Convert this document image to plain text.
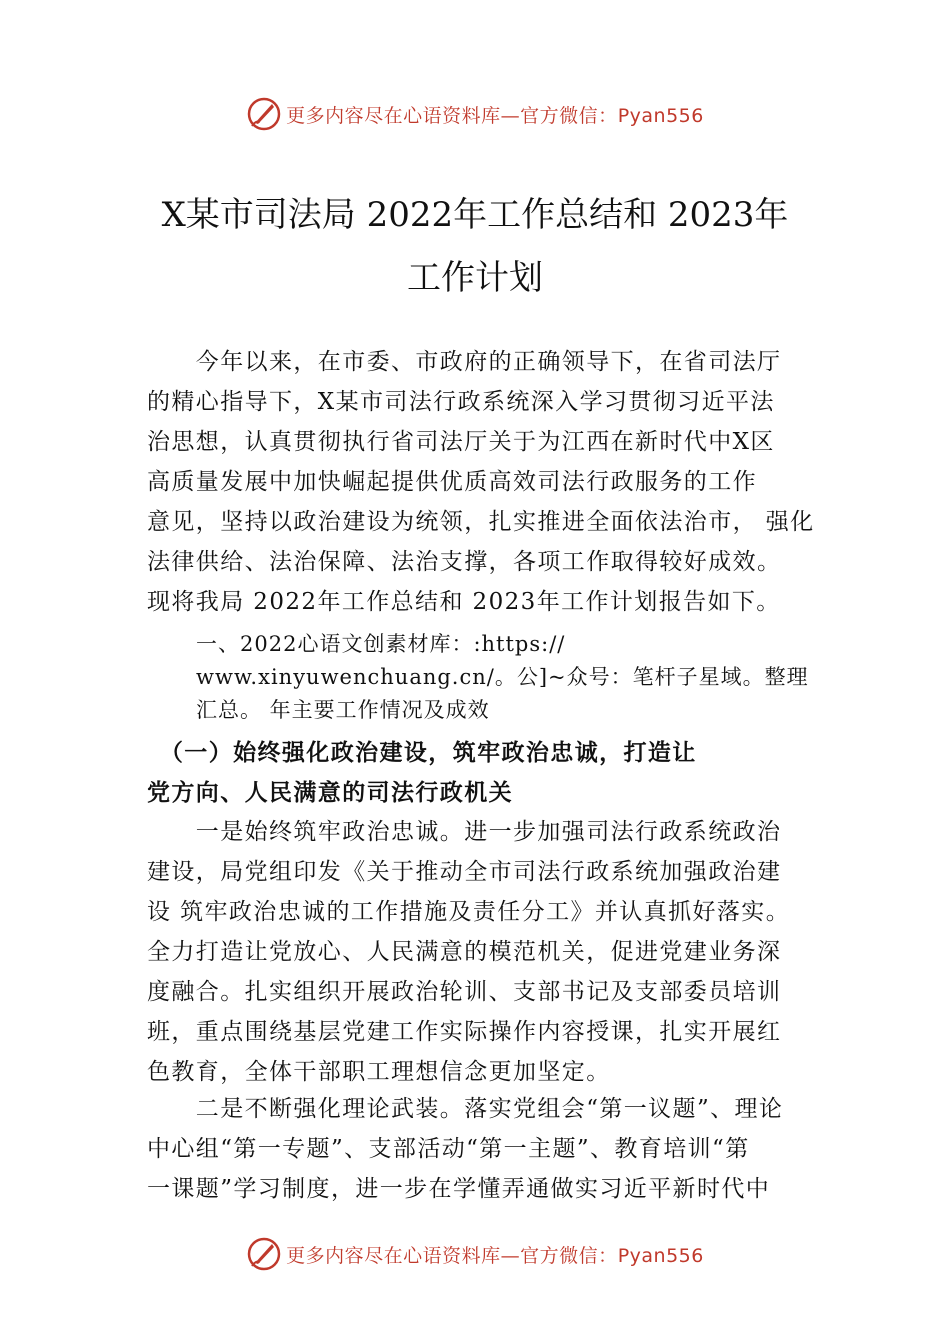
更多内容尽在心语资料库—官方微信：Pyan556
X某市司法局 2022年工作总结和 2023年
工作计划

　　今年以来，在市委、市政府的正确领导下，在省司法厅
的精心指导下，X某市司法行政系统深入学习贯彻习近平法
治思想，认真贯彻执行省司法厅关于为江西在新时代中X区
高质量发展中加快崛起提供优质高效司法行政服务的工作
意见，坚持以政治建设为统领，扎实推进全面依法治市， 强化
法律供给、法治保障、法治支撑，各项工作取得较好成效。
现将我局 2022年工作总结和 2023年工作计划报告如下。

一、2022心语文创素材库：:https://
www.xinyuwenchuang.cn/。公]~众号：笔杆子星域。整理
汇总。 年主要工作情况及成效

　（一）始终强化政治建设，筑牢政治忠诚，打造让
党方向、人民满意的司法行政机关

　　一是始终筑牢政治忠诚。进一步加强司法行政系统政治
建设，局党组印发《关于推动全市司法行政系统加强政治建
设 筑牢政治忠诚的工作措施及责任分工》并认真抓好落实。
全力打造让党放心、人民满意的模范机关，促进党建业务深
度融合。扎实组织开展政治轮训、支部书记及支部委员培训
班，重点围绕基层党建工作实际操作内容授课，扎实开展红
色教育，全体干部职工理想信念更加坚定。

　　二是不断强化理论武装。落实党组会“第一议题”、理论
中心组“第一专题”、支部活动“第一主题”、教育培训“第
一课题”学习制度，进一步在学懂弄通做实习近平新时代中

更多内容尽在心语资料库—官方微信：Pyan556
